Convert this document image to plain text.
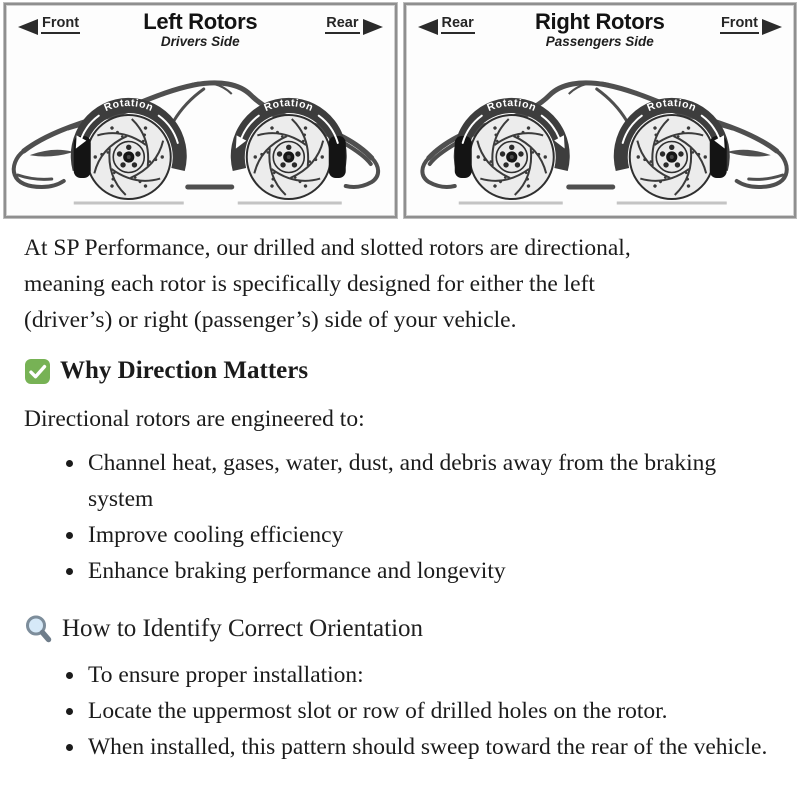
Front	Left Rotors
Drivers Side
Rear
Rotation	Rotation
Rear	Right Rotors
Passengers Side
Front
Rotation	Rotation

At SP Performance, our drilled and slotted rotors are directional,
meaning each rotor is specifically designed for either the left
(driver’s) or right (passenger’s) side of your vehicle.

Why Direction Matters

Directional rotors are engineered to:

• Channel heat, gases, water, dust, and debris away from the braking system
• Improve cooling efficiency
• Enhance braking performance and longevity
How to Identify Correct Orientation
• To ensure proper installation:
• Locate the uppermost slot or row of drilled holes on the rotor.
• When installed, this pattern should sweep toward the rear of the vehicle.
